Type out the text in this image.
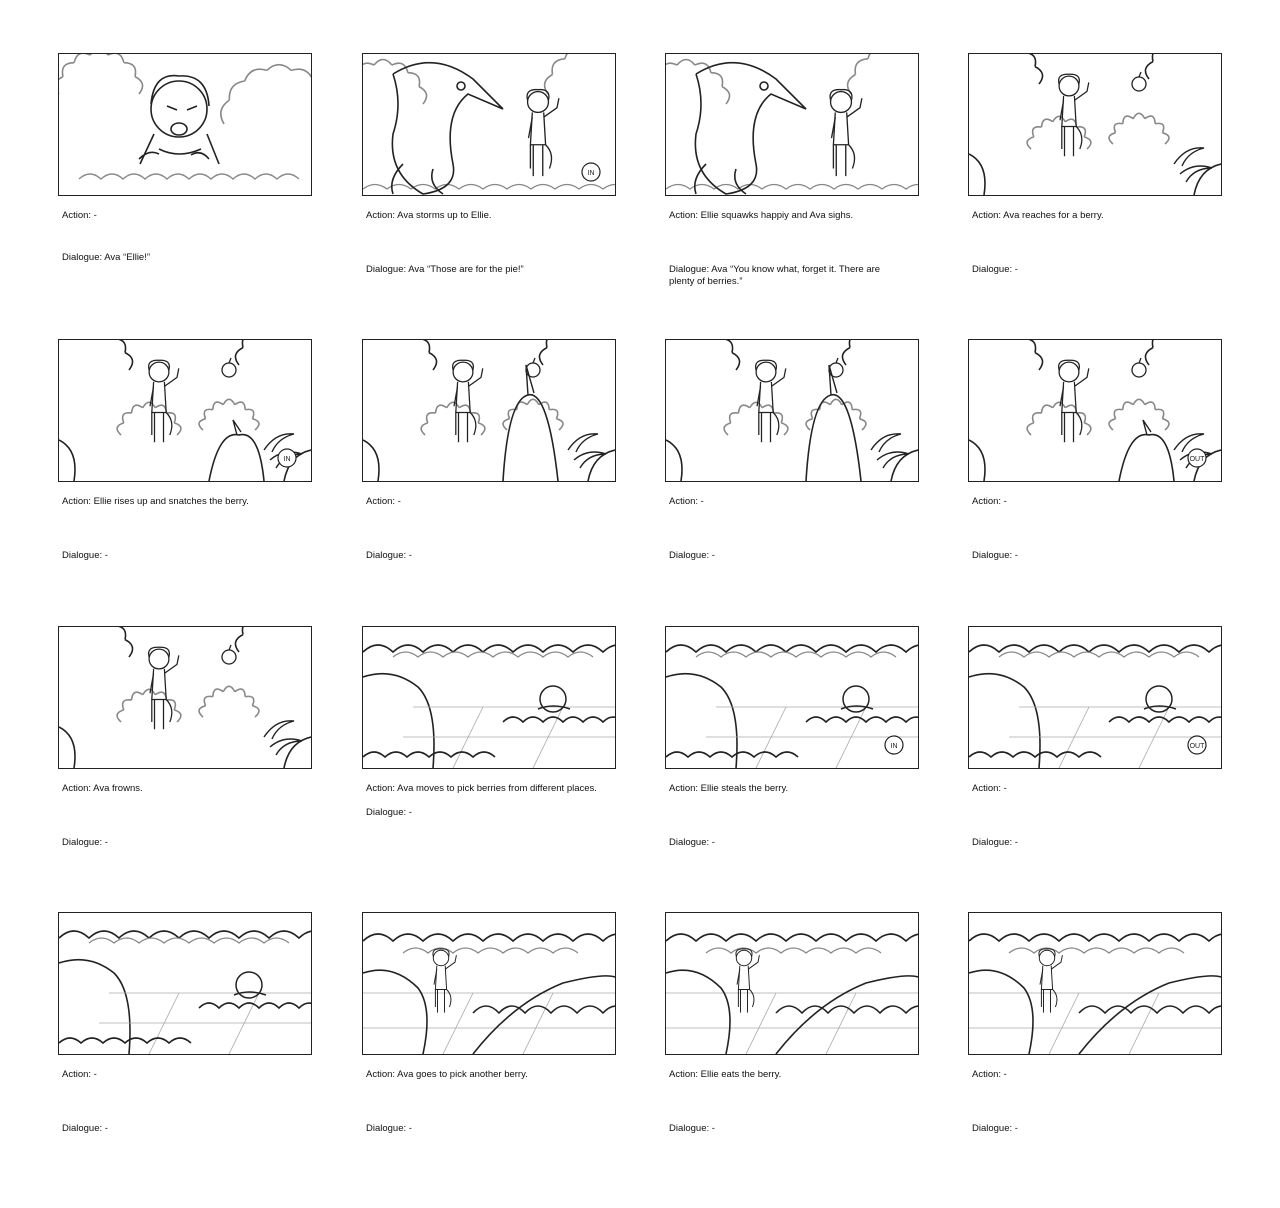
Action: -
Dialogue: Ava “Ellie!”
IN
Action: Ava storms up to Ellie.
Dialogue: Ava “Those are for the pie!”
Action: Ellie squawks happiy and Ava sighs.
Dialogue: Ava “You know what, forget it. There are
plenty of berries.”
Action: Ava reaches for a berry.
Dialogue: -
IN
Action: Ellie rises up and snatches the berry.
Dialogue: -
Action: -
Dialogue: -
Action: -
Dialogue: -
OUT
Action: -
Dialogue: -
Action: Ava frowns.
Dialogue: -
Action: Ava moves to pick berries from different places.
Dialogue: -
IN
Action: Ellie steals the berry.
Dialogue: -
OUT
Action: -
Dialogue: -
Action: -
Dialogue: -
Action: Ava goes to pick another berry.
Dialogue: -
Action: Ellie eats the berry.
Dialogue: -
Action: -
Dialogue: -
